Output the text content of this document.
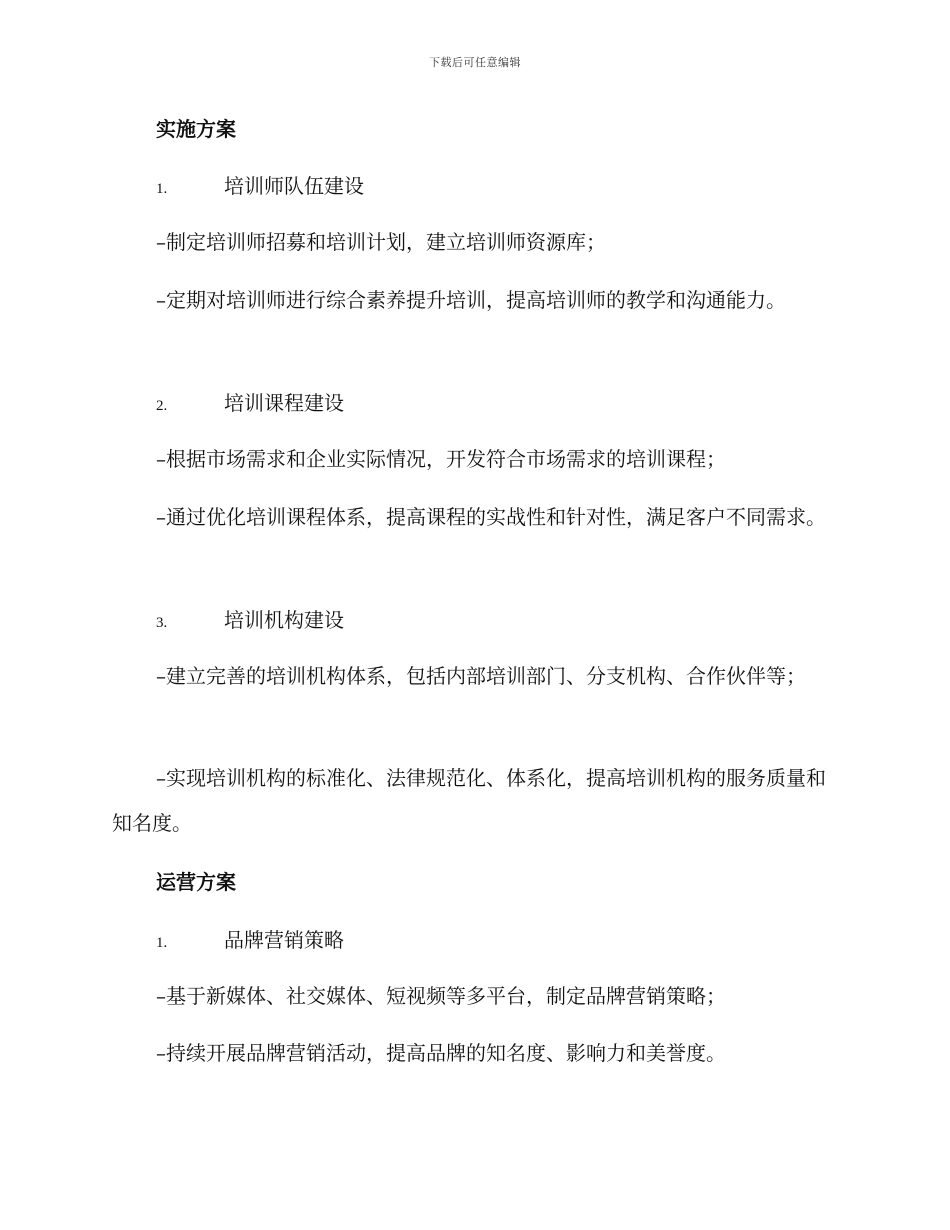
下载后可任意编辑
实施方案
1.	培训师队伍建设

–制定培训师招募和培训计划，建立培训师资源库；

–定期对培训师进行综合素养提升培训，提高培训师的教学和沟通能力。

2.	培训课程建设

–根据市场需求和企业实际情况，开发符合市场需求的培训课程；

–通过优化培训课程体系，提高课程的实战性和针对性，满足客户不同需求。

3.	培训机构建设

–建立完善的培训机构体系，包括内部培训部门、分支机构、合作伙伴等；

–实现培训机构的标准化、法律规范化、体系化，提高培训机构的服务质量和知名度。

运营方案
1.	品牌营销策略

–基于新媒体、社交媒体、短视频等多平台，制定品牌营销策略；

–持续开展品牌营销活动，提高品牌的知名度、影响力和美誉度。
